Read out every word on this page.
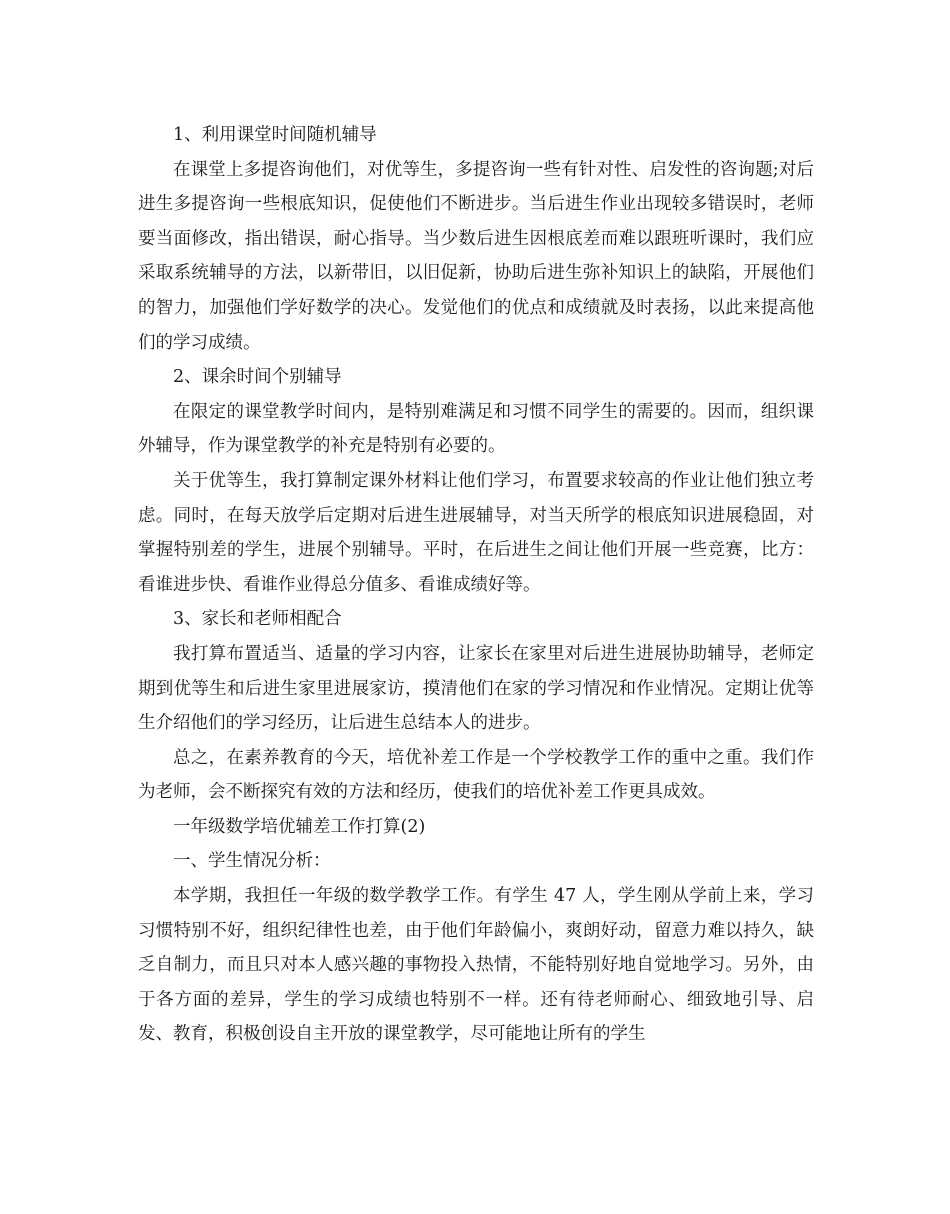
1、利用课堂时间随机辅导

在课堂上多提咨询他们，对优等生，多提咨询一些有针对性、启发性的咨询题;对后进生多提咨询一些根底知识，促使他们不断进步。当后进生作业出现较多错误时，老师要当面修改，指出错误，耐心指导。当少数后进生因根底差而难以跟班听课时，我们应采取系统辅导的方法，以新带旧，以旧促新，协助后进生弥补知识上的缺陷，开展他们的智力，加强他们学好数学的决心。发觉他们的优点和成绩就及时表扬，以此来提高他们的学习成绩。

2、课余时间个别辅导

在限定的课堂教学时间内，是特别难满足和习惯不同学生的需要的。因而，组织课外辅导，作为课堂教学的补充是特别有必要的。

关于优等生，我打算制定课外材料让他们学习，布置要求较高的作业让他们独立考虑。同时，在每天放学后定期对后进生进展辅导，对当天所学的根底知识进展稳固，对掌握特别差的学生，进展个别辅导。平时，在后进生之间让他们开展一些竞赛，比方：看谁进步快、看谁作业得总分值多、看谁成绩好等。

3、家长和老师相配合

我打算布置适当、适量的学习内容，让家长在家里对后进生进展协助辅导，老师定期到优等生和后进生家里进展家访，摸清他们在家的学习情况和作业情况。定期让优等生介绍他们的学习经历，让后进生总结本人的进步。

总之，在素养教育的今天，培优补差工作是一个学校教学工作的重中之重。我们作为老师，会不断探究有效的方法和经历，使我们的培优补差工作更具成效。

一年级数学培优辅差工作打算(2)

一、学生情况分析：

本学期，我担任一年级的数学教学工作。有学生 47 人，学生刚从学前上来，学习习惯特别不好，组织纪律性也差，由于他们年龄偏小，爽朗好动，留意力难以持久，缺乏自制力，而且只对本人感兴趣的事物投入热情，不能特别好地自觉地学习。另外，由于各方面的差异，学生的学习成绩也特别不一样。还有待老师耐心、细致地引导、启发、教育，积极创设自主开放的课堂教学，尽可能地让所有的学生
